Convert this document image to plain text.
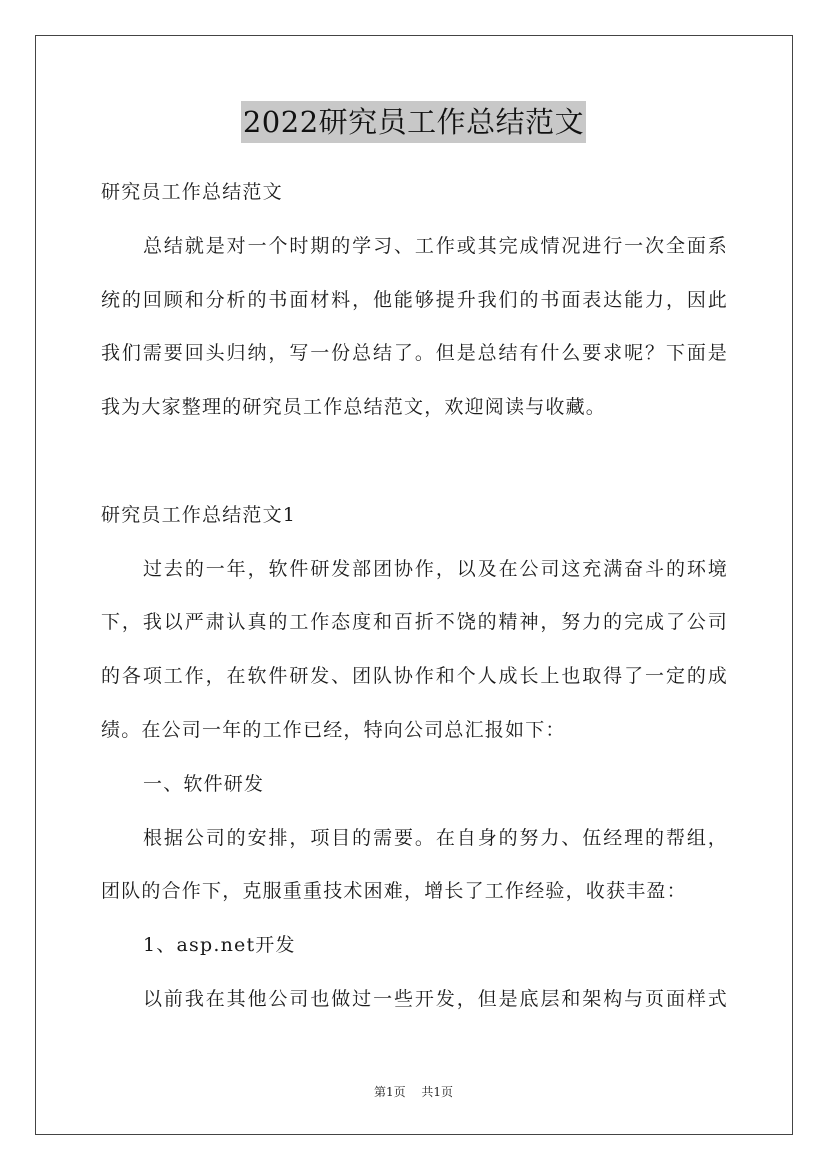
2022研究员工作总结范文
研究员工作总结范文
总结就是对一个时期的学习、工作或其完成情况进行一次全面系
统的回顾和分析的书面材料，他能够提升我们的书面表达能力，因此
我们需要回头归纳，写一份总结了。但是总结有什么要求呢？下面是
我为大家整理的研究员工作总结范文，欢迎阅读与收藏。
研究员工作总结范文1
过去的一年，软件研发部团协作，以及在公司这充满奋斗的环境
下，我以严肃认真的工作态度和百折不饶的精神，努力的完成了公司
的各项工作，在软件研发、团队协作和个人成长上也取得了一定的成
绩。在公司一年的工作已经，特向公司总汇报如下：
一、软件研发
根据公司的安排，项目的需要。在自身的努力、伍经理的帮组，
团队的合作下，克服重重技术困难，增长了工作经验，收获丰盈：
1、asp.net开发
以前我在其他公司也做过一些开发，但是底层和架构与页面样式
第1页 共1页
